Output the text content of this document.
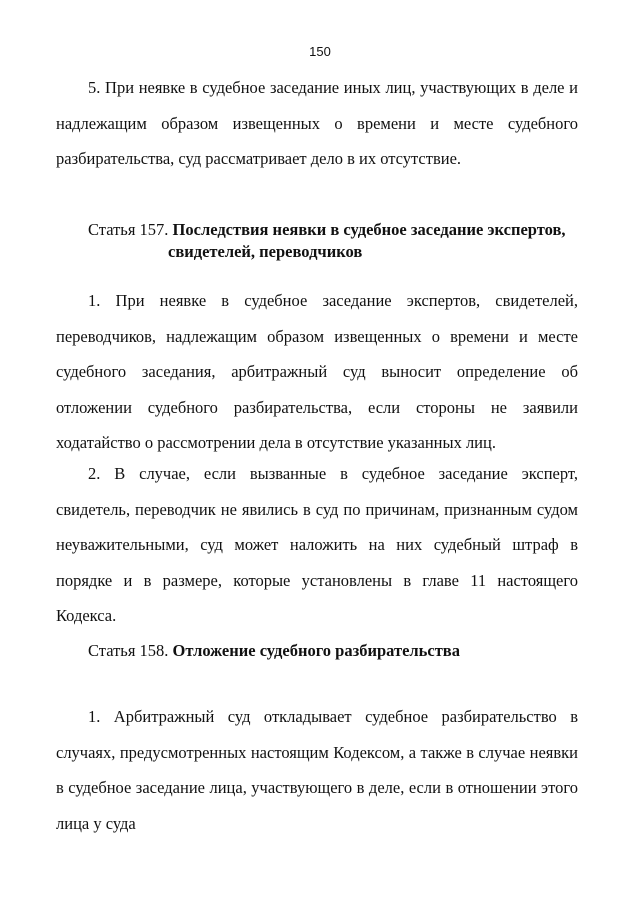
150

5. При неявке в судебное заседание иных лиц, участвующих в деле и надлежащим образом извещенных о времени и месте судебного разбирательства, суд рассматривает дело в их отсутствие.

Статья 157. Последствия неявки в судебное заседание экспертов,
свидетелей, переводчиков

1. При неявке в судебное заседание экспертов, свидетелей, переводчиков, надлежащим образом извещенных о времени и месте судебного заседания, арбитражный суд выносит определение об отложении судебного разбирательства, если стороны не заявили ходатайство о рассмотрении дела в отсутствие указанных лиц.

2. В случае, если вызванные в судебное заседание эксперт, свидетель, переводчик не явились в суд по причинам, признанным судом неуважительными, суд может наложить на них судебный штраф в порядке и в размере, которые установлены в главе 11 настоящего Кодекса.

Статья 158. Отложение судебного разбирательства

1. Арбитражный суд откладывает судебное разбирательство в случаях, предусмотренных настоящим Кодексом, а также в случае неявки в судебное заседание лица, участвующего в деле, если в отношении этого лица у суда
